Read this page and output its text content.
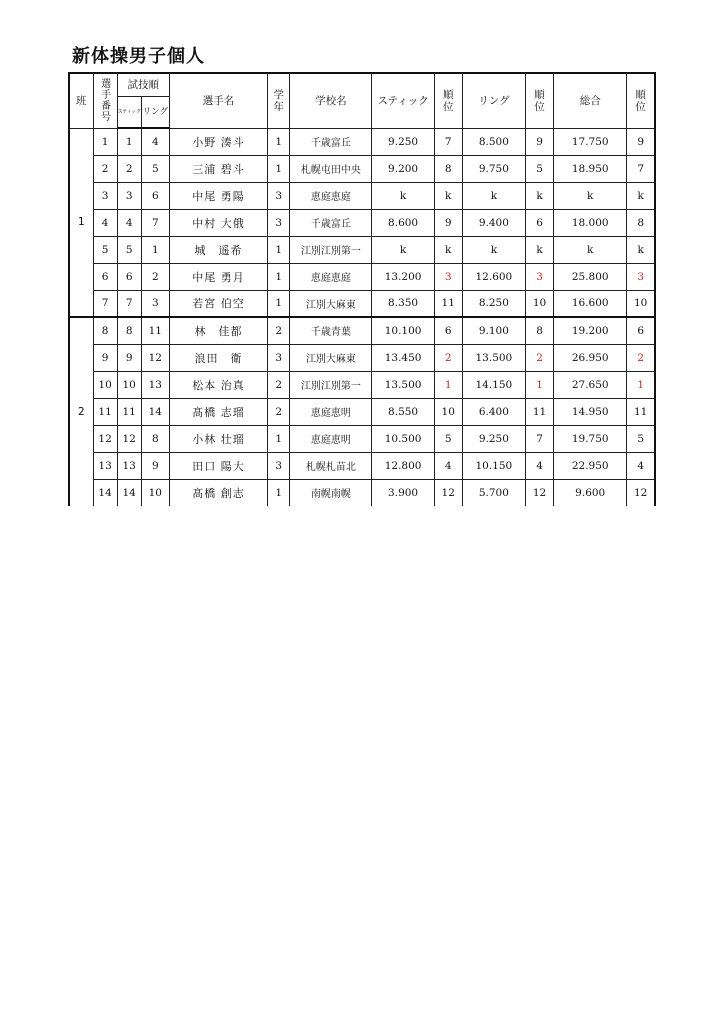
新体操男子個人
班	選手番号	試技順		選手名	学年	学校名	スティック	順位	リング	順位	総合	順位
		スティック	リング									
1	1	1	4	小野 湊斗	1	千歳富丘	9.250	7	8.500	9	17.750	9
	2	2	5	三浦 碧斗	1	札幌屯田中央	9.200	8	9.750	5	18.950	7
	3	3	6	中尾 勇陽	3	恵庭恵庭	k	k	k	k	k	k
	4	4	7	中村 大俄	3	千歳富丘	8.600	9	9.400	6	18.000	8
	5	5	1	城　遥希	1	江別江別第一	k	k	k	k	k	k
	6	6	2	中尾 勇月	1	恵庭恵庭	13.200	3	12.600	3	25.800	3
	7	7	3	若宮 伯空	1	江別大麻東	8.350	11	8.250	10	16.600	10
2	8	8	11	林　佳都	2	千歳青葉	10.100	6	9.100	8	19.200	6
	9	9	12	浪田　衛	3	江別大麻東	13.450	2	13.500	2	26.950	2
	10	10	13	松本 治真	2	江別江別第一	13.500	1	14.150	1	27.650	1
	11	11	14	髙橋 志瑠	2	恵庭恵明	8.550	10	6.400	11	14.950	11
	12	12	8	小林 壮瑠	1	恵庭恵明	10.500	5	9.250	7	19.750	5
	13	13	9	田口 陽大	3	札幌札苗北	12.800	4	10.150	4	22.950	4
	14	14	10	髙橋 創志	1	南幌南幌	3.900	12	5.700	12	9.600	12
